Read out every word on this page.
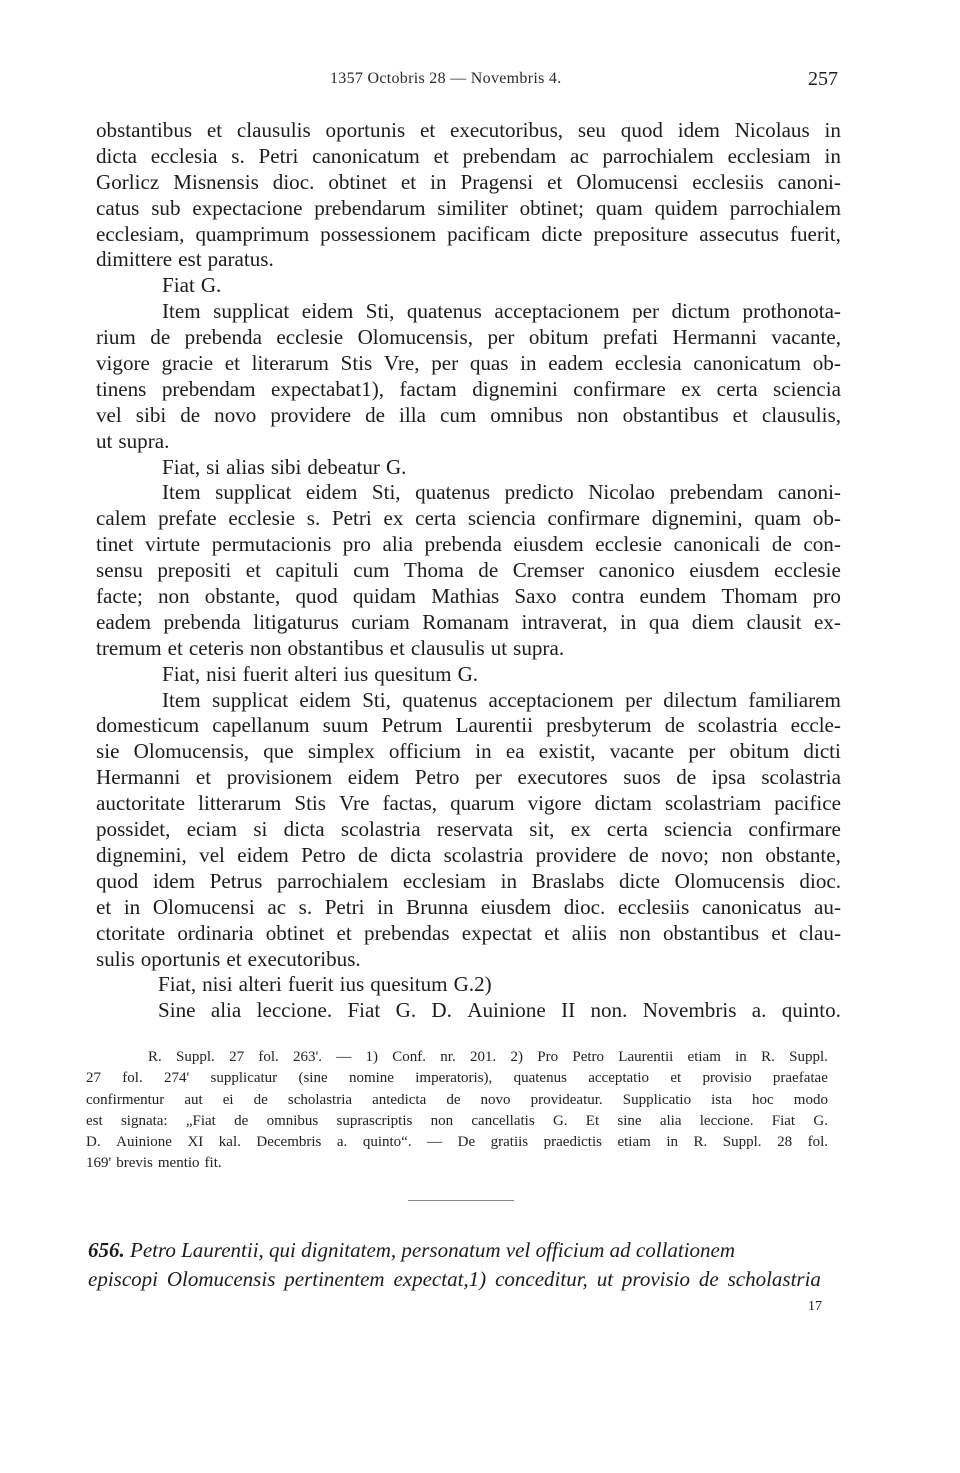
1357 Octobris 28 — Novembris 4.	257
obstantibus et clausulis oportunis et executoribus, seu quod idem Nicolaus in
dicta ecclesia s. Petri canonicatum et prebendam ac parrochialem ecclesiam in
Gorlicz Misnensis dioc. obtinet et in Pragensi et Olomucensi ecclesiis canoni-
catus sub expectacione prebendarum similiter obtinet; quam quidem parrochialem
ecclesiam, quamprimum possessionem pacificam dicte prepositure assecutus fuerit,
dimittere est paratus.
Fiat G.
Item supplicat eidem Sti, quatenus acceptacionem per dictum prothonota-
rium de prebenda ecclesie Olomucensis, per obitum prefati Hermanni vacante,
vigore gracie et literarum Stis Vre, per quas in eadem ecclesia canonicatum ob-
tinens prebendam expectabat1), factam dignemini confirmare ex certa sciencia
vel sibi de novo providere de illa cum omnibus non obstantibus et clausulis,
ut supra.
Fiat, si alias sibi debeatur G.
Item supplicat eidem Sti, quatenus predicto Nicolao prebendam canoni-
calem prefate ecclesie s. Petri ex certa sciencia confirmare dignemini, quam ob-
tinet virtute permutacionis pro alia prebenda eiusdem ecclesie canonicali de con-
sensu prepositi et capituli cum Thoma de Cremser canonico eiusdem ecclesie
facte; non obstante, quod quidam Mathias Saxo contra eundem Thomam pro
eadem prebenda litigaturus curiam Romanam intraverat, in qua diem clausit ex-
tremum et ceteris non obstantibus et clausulis ut supra.
Fiat, nisi fuerit alteri ius quesitum G.
Item supplicat eidem Sti, quatenus acceptacionem per dilectum familiarem
domesticum capellanum suum Petrum Laurentii presbyterum de scolastria eccle-
sie Olomucensis, que simplex officium in ea existit, vacante per obitum dicti
Hermanni et provisionem eidem Petro per executores suos de ipsa scolastria
auctoritate litterarum Stis Vre factas, quarum vigore dictam scolastriam pacifice
possidet, eciam si dicta scolastria reservata sit, ex certa sciencia confirmare
dignemini, vel eidem Petro de dicta scolastria providere de novo; non obstante,
quod idem Petrus parrochialem ecclesiam in Braslabs dicte Olomucensis dioc.
et in Olomucensi ac s. Petri in Brunna eiusdem dioc. ecclesiis canonicatus au-
ctoritate ordinaria obtinet et prebendas expectat et aliis non obstantibus et clau-
sulis oportunis et executoribus.
Fiat, nisi alteri fuerit ius quesitum G.2)
Sine alia leccione. Fiat G. D. Auinione II non. Novembris a. quinto.
R. Suppl. 27 fol. 263'. — 1) Conf. nr. 201. 2) Pro Petro Laurentii etiam in R. Suppl.
27 fol. 274' supplicatur (sine nomine imperatoris), quatenus acceptatio et provisio praefatae
confirmentur aut ei de scholastria antedicta de novo provideatur. Supplicatio ista hoc modo
est signata: „Fiat de omnibus suprascriptis non cancellatis G. Et sine alia leccione. Fiat G.
D. Auinione XI kal. Decembris a. quinto“. — De gratiis praedictis etiam in R. Suppl. 28 fol.
169' brevis mentio fit.
656. Petro Laurentii, qui dignitatem, personatum vel officium ad collationem
episcopi Olomucensis pertinentem expectat,1) conceditur, ut provisio de scholastria
17
